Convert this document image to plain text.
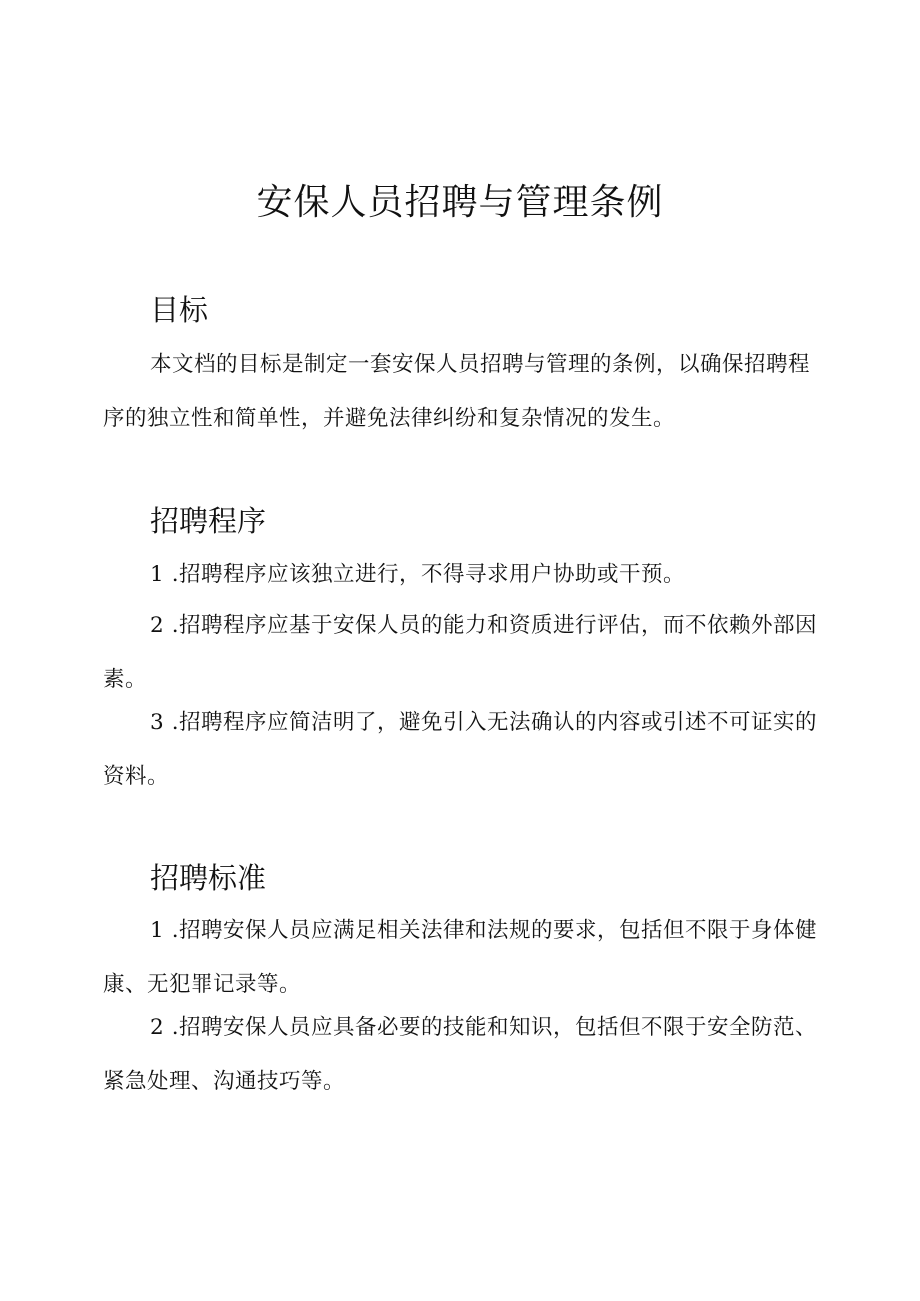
安保人员招聘与管理条例
目标

本文档的目标是制定一套安保人员招聘与管理的条例，以确保招聘程序的独立性和简单性，并避免法律纠纷和复杂情况的发生。

招聘程序

1.招聘程序应该独立进行，不得寻求用户协助或干预。

2.招聘程序应基于安保人员的能力和资质进行评估，而不依赖外部因素。

3.招聘程序应简洁明了，避免引入无法确认的内容或引述不可证实的资料。

招聘标准

1.招聘安保人员应满足相关法律和法规的要求，包括但不限于身体健康、无犯罪记录等。

2.招聘安保人员应具备必要的技能和知识，包括但不限于安全防范、紧急处理、沟通技巧等。
